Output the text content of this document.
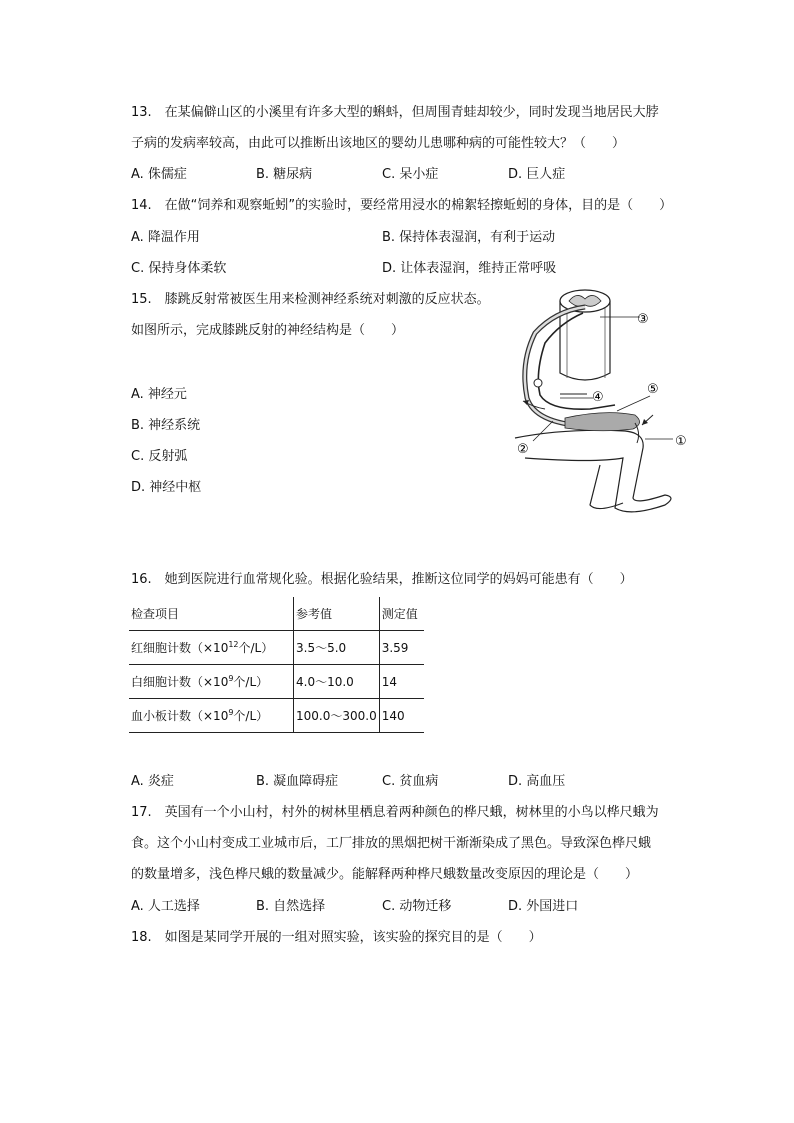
13.　在某偏僻山区的小溪里有许多大型的蝌蚪，但周围青蛙却较少，同时发现当地居民大脖
子病的发病率较高，由此可以推断出该地区的婴幼儿患哪种病的可能性较大？（　　）
A. 侏儒症	B. 糖尿病	C. 呆小症	D. 巨人症
14.　在做“饲养和观察蚯蚓”的实验时，要经常用浸水的棉絮轻擦蚯蚓的身体，目的是（　　）
A. 降温作用	B. 保持体表湿润，有利于运动
C. 保持身体柔软	D. 让体表湿润，维持正常呼吸
15.　膝跳反射常被医生用来检测神经系统对刺激的反应状态。
如图所示，完成膝跳反射的神经结构是（　　）
A. 神经元
B. 神经系统
C. 反射弧
D. 神经中枢
③
④
⑤
①
②
16.　她到医院进行血常规化验。根据化验结果，推断这位同学的妈妈可能患有（　　）
检查项目	参考值	测定值
红细胞计数（$\times 10^{12}$个/L）	3.5～5.0	3.59
白细胞计数（$\times 10^9$个/L）	4.0～10.0	14
血小板计数（$\times 10^9$个/L）	100.0～300.0	140
A. 炎症	B. 凝血障碍症	C. 贫血病	D. 高血压
17.　英国有一个小山村，村外的树林里栖息着两种颜色的桦尺蛾，树林里的小鸟以桦尺蛾为
食。这个小山村变成工业城市后，工厂排放的黑烟把树干渐渐染成了黑色。导致深色桦尺蛾
的数量增多，浅色桦尺蛾的数量减少。能解释两种桦尺蛾数量改变原因的理论是（　　）
A. 人工选择	B. 自然选择	C. 动物迁移	D. 外国进口
18.　如图是某同学开展的一组对照实验，该实验的探究目的是（　　）
